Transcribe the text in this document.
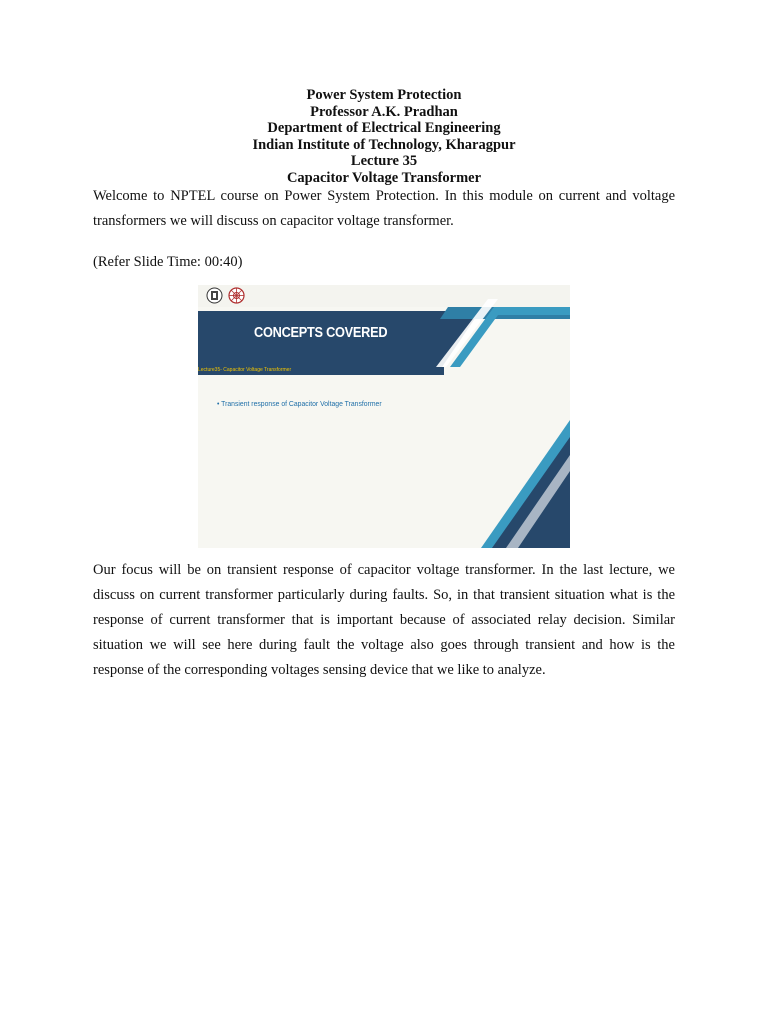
Power System Protection
Professor A.K. Pradhan
Department of Electrical Engineering
Indian Institute of Technology, Kharagpur
Lecture 35
Capacitor Voltage Transformer

Welcome to NPTEL course on Power System Protection. In this module on current and voltage transformers we will discuss on capacitor voltage transformer.

(Refer Slide Time: 00:40)

CONCEPTS COVERED
Lecture35- Capacitor Voltage Transformer
• Transient response of Capacitor Voltage Transformer

Our focus will be on transient response of capacitor voltage transformer. In the last lecture, we discuss on current transformer particularly during faults. So, in that transient situation what is the response of current transformer that is important because of associated relay decision. Similar situation we will see here during fault the voltage also goes through transient and how is the response of the corresponding voltages sensing device that we like to analyze.
